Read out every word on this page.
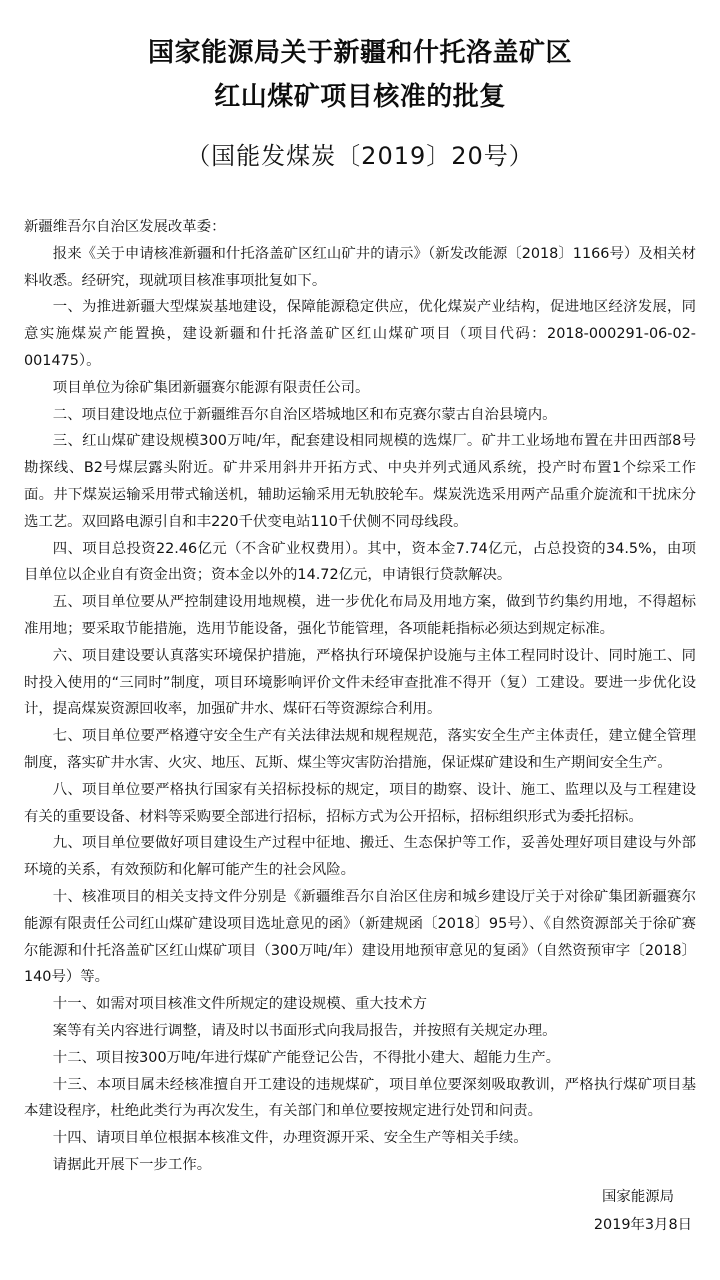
国家能源局关于新疆和什托洛盖矿区
红山煤矿项目核准的批复
（国能发煤炭〔2019〕20号）

新疆维吾尔自治区发展改革委：

报来《关于申请核准新疆和什托洛盖矿区红山矿井的请示》（新发改能源〔2018〕1166号）及相关材料收悉。经研究，现就项目核准事项批复如下。

一、为推进新疆大型煤炭基地建设，保障能源稳定供应，优化煤炭产业结构，促进地区经济发展，同意实施煤炭产能置换，建设新疆和什托洛盖矿区红山煤矿项目（项目代码：2018-000291-06-02-001475）。

项目单位为徐矿集团新疆赛尔能源有限责任公司。

二、项目建设地点位于新疆维吾尔自治区塔城地区和布克赛尔蒙古自治县境内。

三、红山煤矿建设规模300万吨/年，配套建设相同规模的选煤厂。矿井工业场地布置在井田西部8号勘探线、B2号煤层露头附近。矿井采用斜井开拓方式、中央并列式通风系统，投产时布置1个综采工作面。井下煤炭运输采用带式输送机，辅助运输采用无轨胶轮车。煤炭洗选采用两产品重介旋流和干扰床分选工艺。双回路电源引自和丰220千伏变电站110千伏侧不同母线段。

四、项目总投资22.46亿元（不含矿业权费用）。其中，资本金7.74亿元，占总投资的34.5%，由项目单位以企业自有资金出资；资本金以外的14.72亿元，申请银行贷款解决。

五、项目单位要从严控制建设用地规模，进一步优化布局及用地方案，做到节约集约用地，不得超标准用地；要采取节能措施，选用节能设备，强化节能管理，各项能耗指标必须达到规定标准。

六、项目建设要认真落实环境保护措施，严格执行环境保护设施与主体工程同时设计、同时施工、同时投入使用的“三同时”制度，项目环境影响评价文件未经审查批准不得开（复）工建设。要进一步优化设计，提高煤炭资源回收率，加强矿井水、煤矸石等资源综合利用。

七、项目单位要严格遵守安全生产有关法律法规和规程规范，落实安全生产主体责任，建立健全管理制度，落实矿井水害、火灾、地压、瓦斯、煤尘等灾害防治措施，保证煤矿建设和生产期间安全生产。

八、项目单位要严格执行国家有关招标投标的规定，项目的勘察、设计、施工、监理以及与工程建设有关的重要设备、材料等采购要全部进行招标，招标方式为公开招标，招标组织形式为委托招标。

九、项目单位要做好项目建设生产过程中征地、搬迁、生态保护等工作，妥善处理好项目建设与外部环境的关系，有效预防和化解可能产生的社会风险。

十、核准项目的相关支持文件分别是《新疆维吾尔自治区住房和城乡建设厅关于对徐矿集团新疆赛尔能源有限责任公司红山煤矿建设项目选址意见的函》（新建规函〔2018〕95号）、《自然资源部关于徐矿赛尔能源和什托洛盖矿区红山煤矿项目（300万吨/年）建设用地预审意见的复函》（自然资预审字〔2018〕140号）等。

十一、如需对项目核准文件所规定的建设规模、重大技术方

案等有关内容进行调整，请及时以书面形式向我局报告，并按照有关规定办理。

十二、项目按300万吨/年进行煤矿产能登记公告，不得批小建大、超能力生产。

十三、本项目属未经核准擅自开工建设的违规煤矿，项目单位要深刻吸取教训，严格执行煤矿项目基本建设程序，杜绝此类行为再次发生，有关部门和单位要按规定进行处罚和问责。

十四、请项目单位根据本核准文件，办理资源开采、安全生产等相关手续。

请据此开展下一步工作。

国家能源局
2019年3月8日
